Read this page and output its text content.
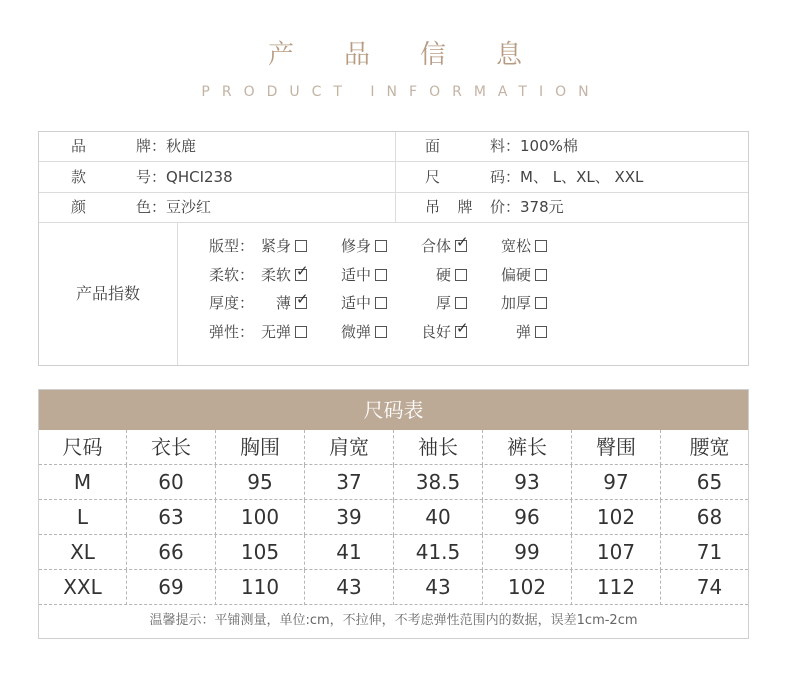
产品信息
PRODUCT INFORMATION
品牌：秋鹿	面料：100%棉
款号：QHCI238	尺码：M、 L、XL、 XXL
颜色：豆沙红	吊牌价：378元
产品指数
版型： 紧身	修身	合体 ✓	宽松
柔软： 柔软 ✓	适中	硬	偏硬
厚度：	薄 ✓	适中	厚	加厚
弹性： 无弹	微弹	良好 ✓	弹
尺码表
尺码	衣长	胸围	肩宽	袖长	裤长	臀围	腰宽
M	60	95	37	38.5	93	97	65
L	63	100	39	40	96	102	68
XL	66	105	41	41.5	99	107	71
XXL	69	110	43	43	102	112	74
温馨提示：平铺测量，单位:cm，不拉伸，不考虑弹性范围内的数据，误差1cm-2cm
